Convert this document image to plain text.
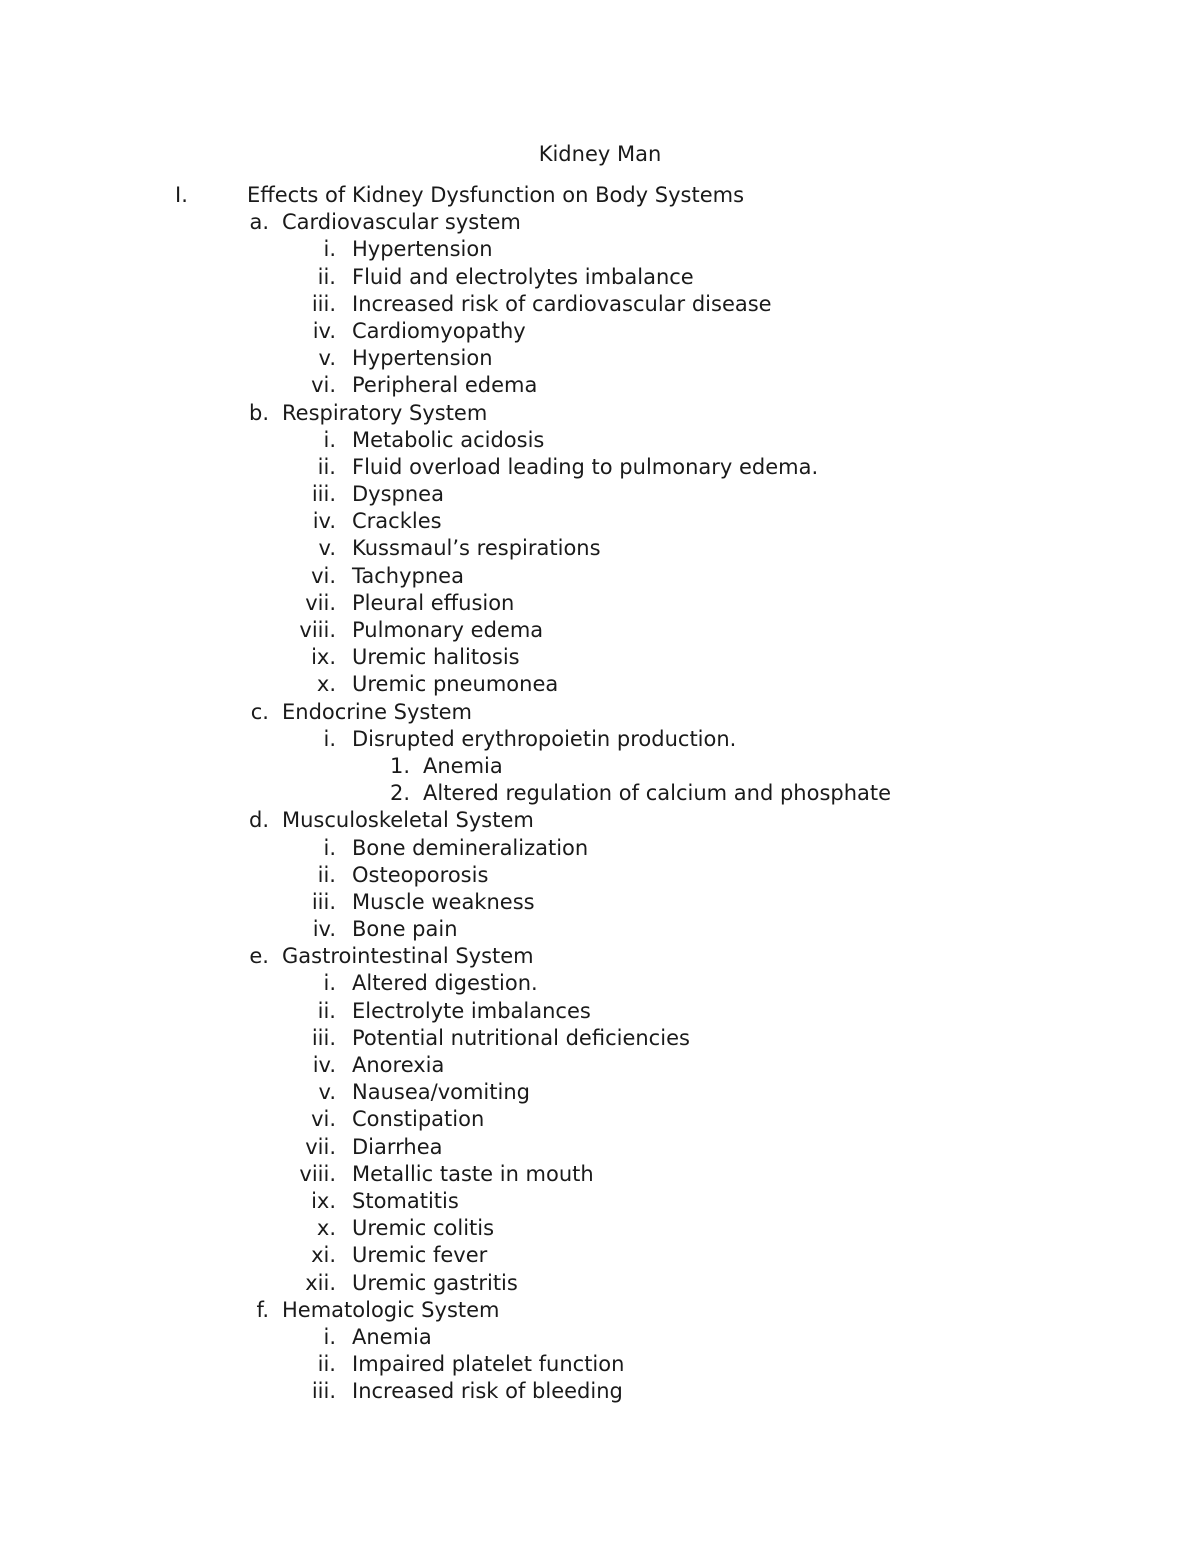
Kidney Man
I.	Effects of Kidney Dysfunction on Body Systems
a. Cardiovascular system
i. Hypertension
ii. Fluid and electrolytes imbalance
iii. Increased risk of cardiovascular disease
iv. Cardiomyopathy
v. Hypertension
vi. Peripheral edema
b. Respiratory System
i. Metabolic acidosis
ii. Fluid overload leading to pulmonary edema.
iii. Dyspnea
iv. Crackles
v. Kussmaul’s respirations
vi. Tachypnea
vii. Pleural effusion
viii. Pulmonary edema
ix. Uremic halitosis
x. Uremic pneumonea
c. Endocrine System
i. Disrupted erythropoietin production.
1. Anemia
2. Altered regulation of calcium and phosphate
d. Musculoskeletal System
i. Bone demineralization
ii. Osteoporosis
iii. Muscle weakness
iv. Bone pain
e. Gastrointestinal System
i. Altered digestion.
ii. Electrolyte imbalances
iii. Potential nutritional deficiencies
iv. Anorexia
v. Nausea/vomiting
vi. Constipation
vii. Diarrhea
viii. Metallic taste in mouth
ix. Stomatitis
x. Uremic colitis
xi. Uremic fever
xii. Uremic gastritis
f. Hematologic System
i. Anemia
ii. Impaired platelet function
iii. Increased risk of bleeding
